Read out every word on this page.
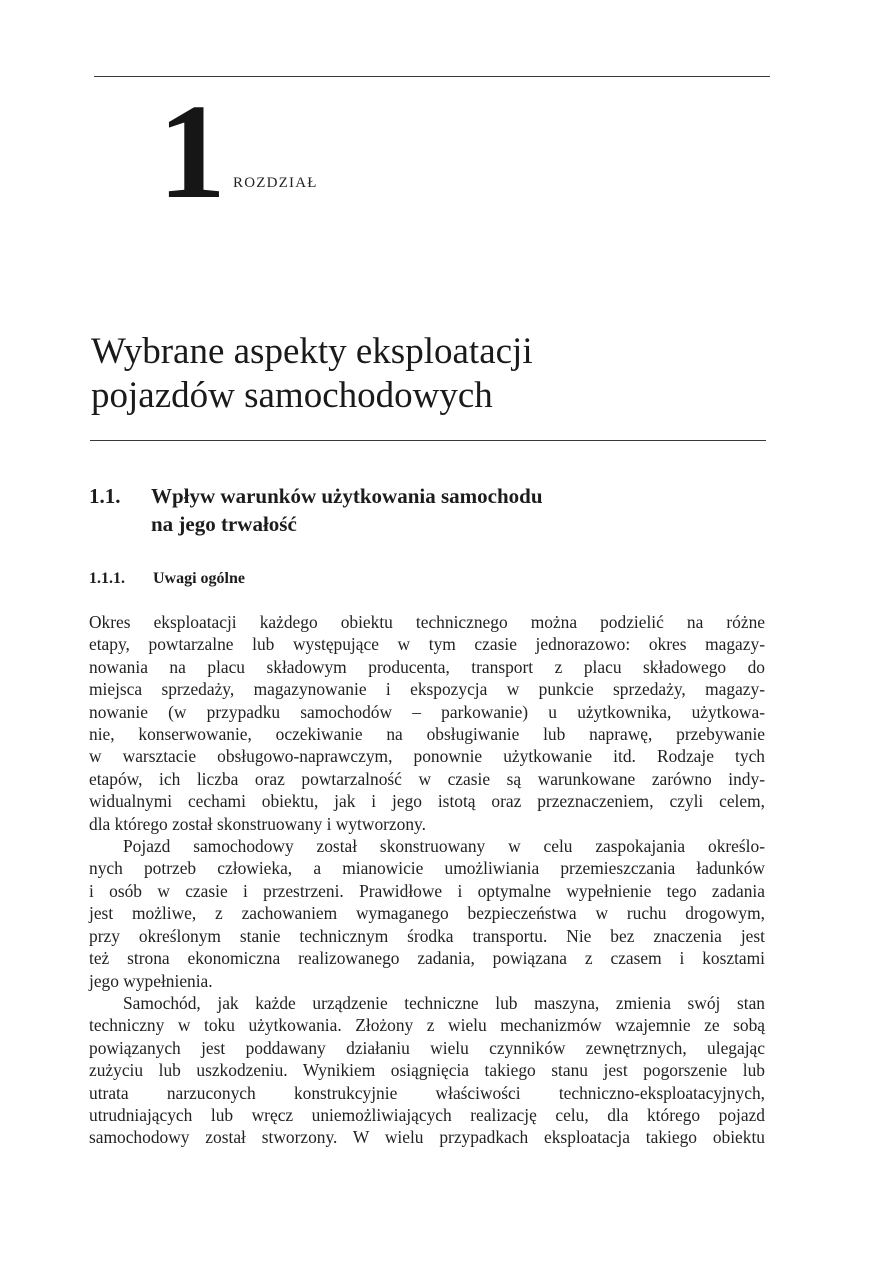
1 ROZDZIAŁ
Wybrane aspekty eksploatacji
pojazdów samochodowych
1.1. Wpływ warunków użytkowania samochodu
na jego trwałość
1.1.1. Uwagi ogólne
Okres eksploatacji każdego obiektu technicznego można podzielić na różne
etapy, powtarzalne lub występujące w tym czasie jednorazowo: okres magazy-
nowania na placu składowym producenta, transport z placu składowego do
miejsca sprzedaży, magazynowanie i ekspozycja w punkcie sprzedaży, magazy-
nowanie (w przypadku samochodów – parkowanie) u użytkownika, użytkowa-
nie, konserwowanie, oczekiwanie na obsługiwanie lub naprawę, przebywanie
w warsztacie obsługowo-naprawczym, ponownie użytkowanie itd. Rodzaje tych
etapów, ich liczba oraz powtarzalność w czasie są warunkowane zarówno indy-
widualnymi cechami obiektu, jak i jego istotą oraz przeznaczeniem, czyli celem,
dla którego został skonstruowany i wytworzony.
Pojazd samochodowy został skonstruowany w celu zaspokajania określo-
nych potrzeb człowieka, a mianowicie umożliwiania przemieszczania ładunków
i osób w czasie i przestrzeni. Prawidłowe i optymalne wypełnienie tego zadania
jest możliwe, z zachowaniem wymaganego bezpieczeństwa w ruchu drogowym,
przy określonym stanie technicznym środka transportu. Nie bez znaczenia jest
też strona ekonomiczna realizowanego zadania, powiązana z czasem i kosztami
jego wypełnienia.
Samochód, jak każde urządzenie techniczne lub maszyna, zmienia swój stan
techniczny w toku użytkowania. Złożony z wielu mechanizmów wzajemnie ze sobą
powiązanych jest poddawany działaniu wielu czynników zewnętrznych, ulegając
zużyciu lub uszkodzeniu. Wynikiem osiągnięcia takiego stanu jest pogorszenie lub
utrata narzuconych konstrukcyjnie właściwości techniczno-eksploatacyjnych,
utrudniających lub wręcz uniemożliwiających realizację celu, dla którego pojazd
samochodowy został stworzony. W wielu przypadkach eksploatacja takiego obiektu
